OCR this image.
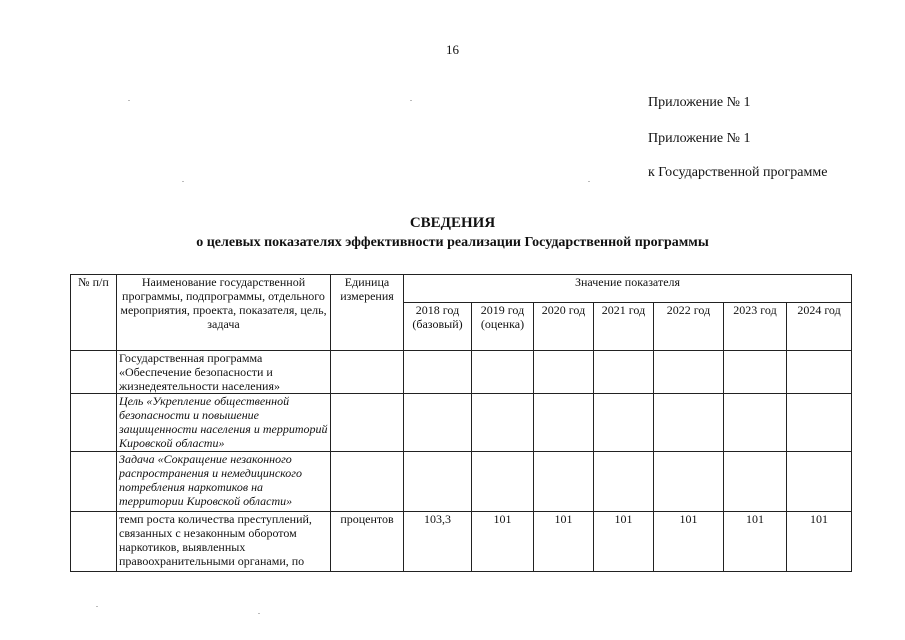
16
Приложение № 1
Приложение № 1
к Государственной программе
СВЕДЕНИЯ
о целевых показателях эффективности реализации Государственной программы
№ п/п	Наименование государственной программы, подпрограммы, отдельного мероприятия, проекта, показателя, цель, задача	Единица измерения	Значение показателя						
			2018 год (базовый)	2019 год (оценка)	2020 год	2021 год	2022 год	2023 год	2024 год
	Государственная программа «Обеспечение безопасности и жизнедеятельности населения»								
	Цель «Укрепление общественной безопасности и повышение защищенности населения и территорий Кировской области»								
	Задача «Сокращение незаконного распространения и немедицинского потребления наркотиков на территории Кировской области»								
	темп роста количества преступлений, связанных с незаконным оборотом наркотиков, выявленных правоохранительными органами, по	процентов	103,3	101	101	101	101	101	101
